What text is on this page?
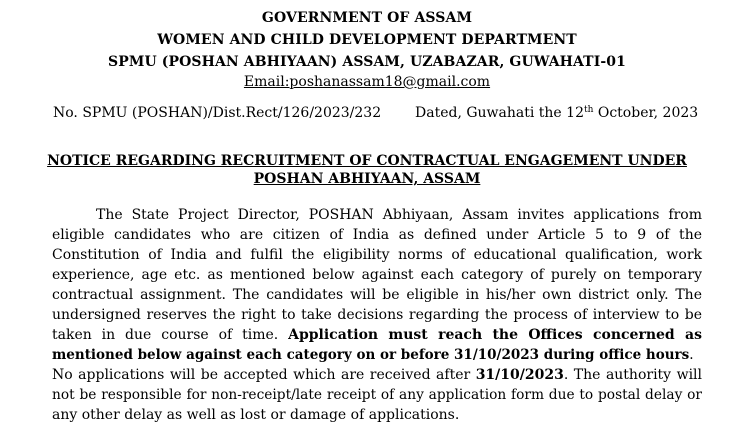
GOVERNMENT OF ASSAM
WOMEN AND CHILD DEVELOPMENT DEPARTMENT
SPMU (POSHAN ABHIYAAN) ASSAM, UZABAZAR, GUWAHATI-01
Email:poshanassam18@gmail.com
No. SPMU (POSHAN)/Dist.Rect/126/2023/232 Dated, Guwahati the 12th October, 2023
NOTICE REGARDING RECRUITMENT OF CONTRACTUAL ENGAGEMENT UNDER
POSHAN ABHIYAAN, ASSAM
The State Project Director, POSHAN Abhiyaan, Assam invites applications from
eligible candidates who are citizen of India as defined under Article 5 to 9 of the
Constitution of India and fulfil the eligibility norms of educational qualification, work
experience, age etc. as mentioned below against each category of purely on temporary
contractual assignment. The candidates will be eligible in his/her own district only. The
undersigned reserves the right to take decisions regarding the process of interview to be
taken in due course of time. Application must reach the Offices concerned as
mentioned below against each category on or before 31/10/2023 during office hours.
No applications will be accepted which are received after 31/10/2023. The authority will
not be responsible for non-receipt/late receipt of any application form due to postal delay or
any other delay as well as lost or damage of applications.
